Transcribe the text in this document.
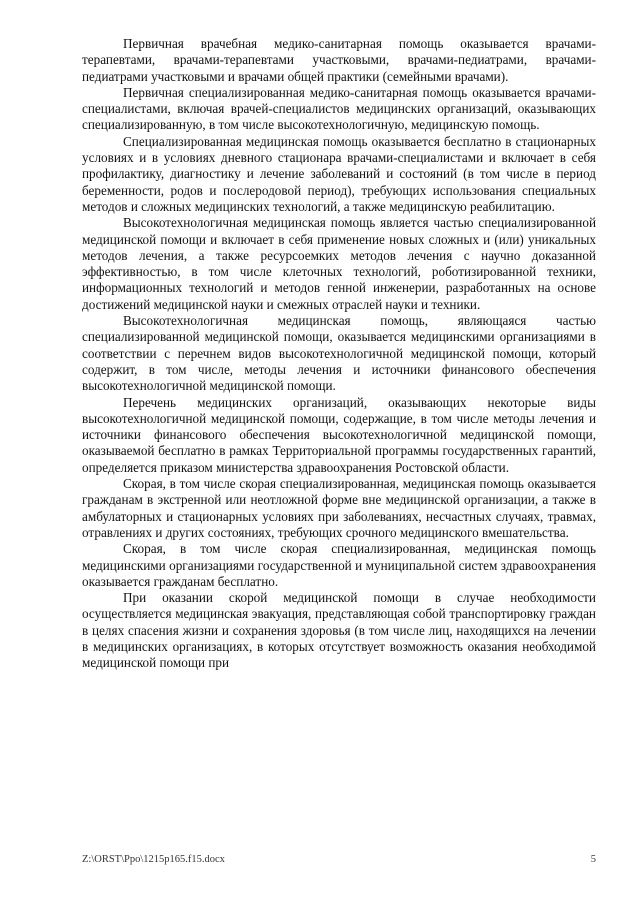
Первичная врачебная медико-санитарная помощь оказывается врачами-терапевтами, врачами-терапевтами участковыми, врачами-педиатрами, врачами-педиатрами участковыми и врачами общей практики (семейными врачами).

Первичная специализированная медико-санитарная помощь оказывается врачами-специалистами, включая врачей-специалистов медицинских организаций, оказывающих специализированную, в том числе высокотехнологичную, медицинскую помощь.

Специализированная медицинская помощь оказывается бесплатно в стационарных условиях и в условиях дневного стационара врачами-специалистами и включает в себя профилактику, диагностику и лечение заболеваний и состояний (в том числе в период беременности, родов и послеродовой период), требующих использования специальных методов и сложных медицинских технологий, а также медицинскую реабилитацию.

Высокотехнологичная медицинская помощь является частью специализированной медицинской помощи и включает в себя применение новых сложных и (или) уникальных методов лечения, а также ресурсоемких методов лечения с научно доказанной эффективностью, в том числе клеточных технологий, роботизированной техники, информационных технологий и методов генной инженерии, разработанных на основе достижений медицинской науки и смежных отраслей науки и техники.

Высокотехнологичная медицинская помощь, являющаяся частью специализированной медицинской помощи, оказывается медицинскими организациями в соответствии с перечнем видов высокотехнологичной медицинской помощи, который содержит, в том числе, методы лечения и источники финансового обеспечения высокотехнологичной медицинской помощи.

Перечень медицинских организаций, оказывающих некоторые виды высокотехнологичной медицинской помощи, содержащие, в том числе методы лечения и источники финансового обеспечения высокотехнологичной медицинской помощи, оказываемой бесплатно в рамках Территориальной программы государственных гарантий, определяется приказом министерства здравоохранения Ростовской области.

Скорая, в том числе скорая специализированная, медицинская помощь оказывается гражданам в экстренной или неотложной форме вне медицинской организации, а также в амбулаторных и стационарных условиях при заболеваниях, несчастных случаях, травмах, отравлениях и других состояниях, требующих срочного медицинского вмешательства.

Скорая, в том числе скорая специализированная, медицинская помощь медицинскими организациями государственной и муниципальной систем здравоохранения оказывается гражданам бесплатно.

При оказании скорой медицинской помощи в случае необходимости осуществляется медицинская эвакуация, представляющая собой транспортировку граждан в целях спасения жизни и сохранения здоровья (в том числе лиц, находящихся на лечении в медицинских организациях, в которых отсутствует возможность оказания необходимой медицинской помощи при

Z:\ORST\Ppo\1215p165.f15.docx	5
